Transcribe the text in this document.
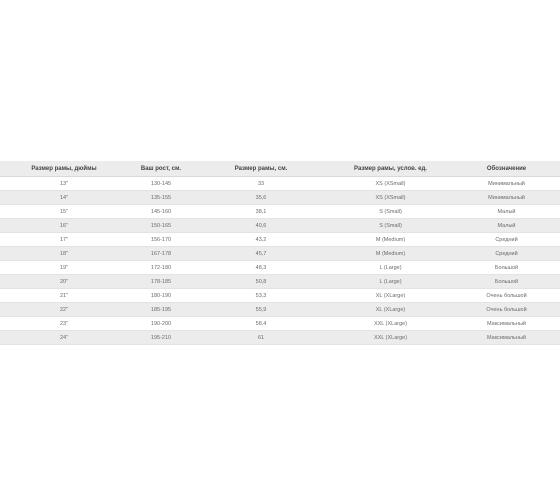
Размер рамы, дюймы	Ваш рост, см.	Размер рамы, см.	Размер рамы, услов. ед.	Обозначение
13"	130-145	33	XS (XSmall)	Минимальный
14"	135-155	35,6	XS (XSmall)	Минимальный
15"	145-160	38,1	S (Small)	Малый
16"	150-165	40,6	S (Small)	Малый
17"	156-170	43,2	M (Medium)	Средний
18"	167-178	45,7	M (Medium)	Средний
19"	172-180	48,3	L (Large)	Большой
20"	178-185	50,8	L (Large)	Большой
21"	180-190	53,3	XL (XLarge)	Очень большой
22"	185-195	55,9	XL (XLarge)	Очень большой
23"	190-200	58,4	XXL (XLarge)	Максимальный
24"	195-210	61	XXL (XLarge)	Максимальный
